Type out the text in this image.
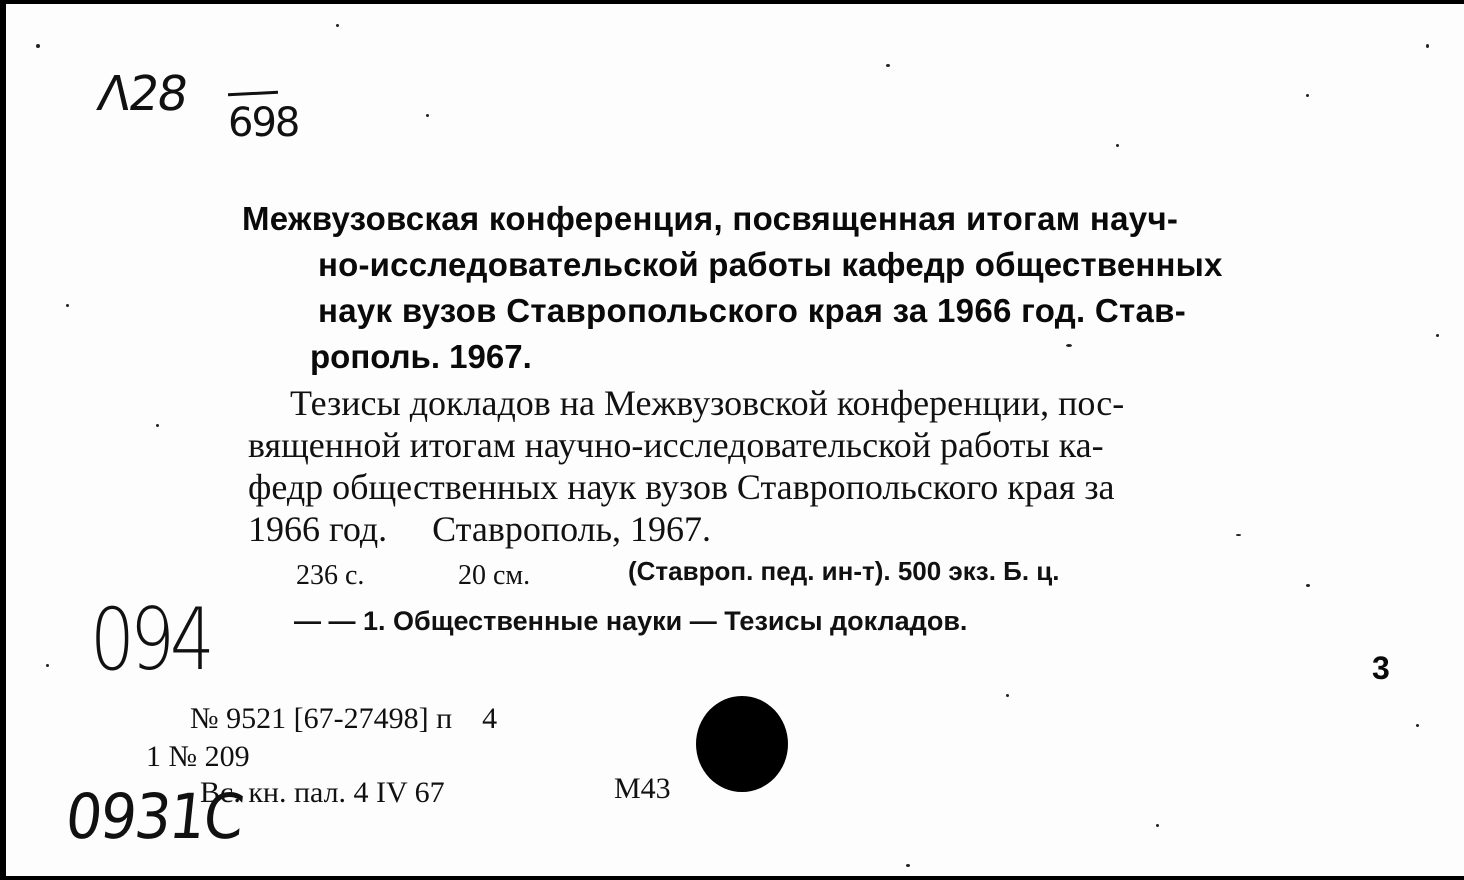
Λ28
698
Межвузовская конференция, посвященная итогам науч-
но-исследовательской работы кафедр общественных
наук вузов Ставропольского края за 1966 год. Став-
рополь. 1967.
Тезисы докладов на Межвузовской конференции, пос-
вященной итогам научно-исследовательской работы ка-
федр общественных наук вузов Ставропольского края за
1966 год.     Ставрополь, 1967.
236 с.	20 см.	(Ставроп. пед. ин-т). 500 экз. Б. ц.
— — 1. Общественные науки — Тезисы докладов.
094	3
№ 9521 [67-27498] п    4
1 № 209
Вс. кн. пал. 4 IV 67	М43
0931C
